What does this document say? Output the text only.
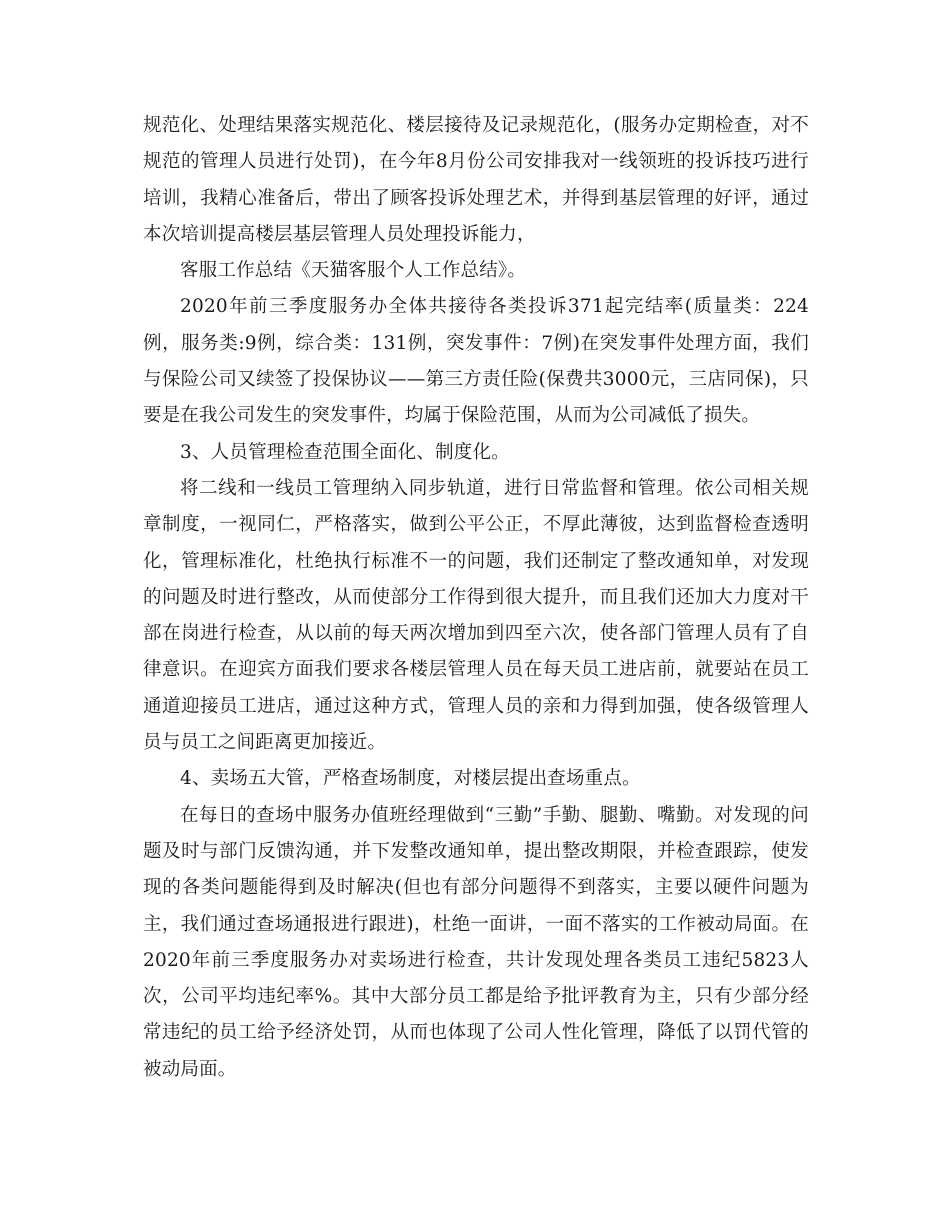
规范化、处理结果落实规范化、楼层接待及记录规范化，(服务办定期检查，对不规范的管理人员进行处罚)，在今年8月份公司安排我对一线领班的投诉技巧进行培训，我精心准备后，带出了顾客投诉处理艺术，并得到基层管理的好评，通过本次培训提高楼层基层管理人员处理投诉能力，

客服工作总结《天猫客服个人工作总结》。

2020年前三季度服务办全体共接待各类投诉371起完结率(质量类：224例，服务类:9例，综合类：131例，突发事件：7例)在突发事件处理方面，我们与保险公司又续签了投保协议——第三方责任险(保费共3000元，三店同保)，只要是在我公司发生的突发事件，均属于保险范围，从而为公司减低了损失。

3、人员管理检查范围全面化、制度化。

将二线和一线员工管理纳入同步轨道，进行日常监督和管理。依公司相关规章制度，一视同仁，严格落实，做到公平公正，不厚此薄彼，达到监督检查透明化，管理标准化，杜绝执行标准不一的问题，我们还制定了整改通知单，对发现的问题及时进行整改，从而使部分工作得到很大提升，而且我们还加大力度对干部在岗进行检查，从以前的每天两次增加到四至六次，使各部门管理人员有了自律意识。在迎宾方面我们要求各楼层管理人员在每天员工进店前，就要站在员工通道迎接员工进店，通过这种方式，管理人员的亲和力得到加强，使各级管理人员与员工之间距离更加接近。

4、卖场五大管，严格查场制度，对楼层提出查场重点。

在每日的查场中服务办值班经理做到“三勤”手勤、腿勤、嘴勤。对发现的问题及时与部门反馈沟通，并下发整改通知单，提出整改期限，并检查跟踪，使发现的各类问题能得到及时解决(但也有部分问题得不到落实，主要以硬件问题为主，我们通过查场通报进行跟进)，杜绝一面讲，一面不落实的工作被动局面。在2020年前三季度服务办对卖场进行检查，共计发现处理各类员工违纪5823人次，公司平均违纪率%。其中大部分员工都是给予批评教育为主，只有少部分经常违纪的员工给予经济处罚，从而也体现了公司人性化管理，降低了以罚代管的被动局面。
